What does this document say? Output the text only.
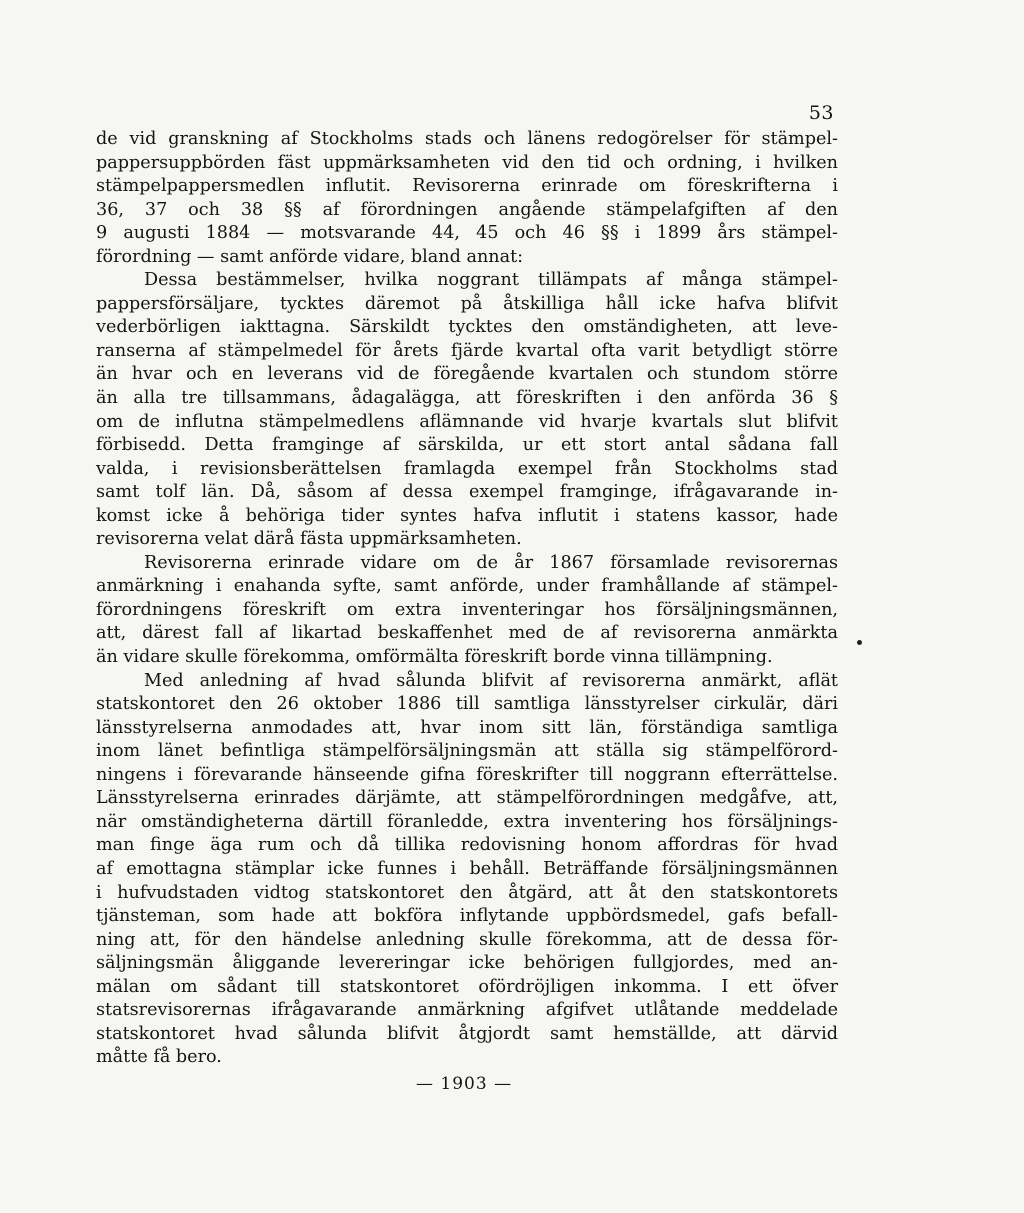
53
de vid granskning af Stockholms stads och länens redogörelser för stämpel-
pappersuppbörden fäst uppmärksamheten vid den tid och ordning, i hvilken
stämpelpappersmedlen influtit. Revisorerna erinrade om föreskrifterna i
36, 37 och 38 §§ af förordningen angående stämpelafgiften af den
9 augusti 1884 — motsvarande 44, 45 och 46 §§ i 1899 års stämpel-
förordning — samt anförde vidare, bland annat:
Dessa bestämmelser, hvilka noggrant tillämpats af många stämpel-
pappersförsäljare, tycktes däremot på åtskilliga håll icke hafva blifvit
vederbörligen iakttagna. Särskildt tycktes den omständigheten, att leve-
ranserna af stämpelmedel för årets fjärde kvartal ofta varit betydligt större
än hvar och en leverans vid de föregående kvartalen och stundom större
än alla tre tillsammans, ådagalägga, att föreskriften i den anförda 36 §
om de influtna stämpelmedlens aflämnande vid hvarje kvartals slut blifvit
förbisedd. Detta framginge af särskilda, ur ett stort antal sådana fall
valda, i revisionsberättelsen framlagda exempel från Stockholms stad
samt tolf län. Då, såsom af dessa exempel framginge, ifrågavarande in-
komst icke å behöriga tider syntes hafva influtit i statens kassor, hade
revisorerna velat därå fästa uppmärksamheten.
Revisorerna erinrade vidare om de år 1867 församlade revisorernas
anmärkning i enahanda syfte, samt anförde, under framhållande af stämpel-
förordningens föreskrift om extra inventeringar hos försäljningsmännen,
att, därest fall af likartad beskaffenhet med de af revisorerna anmärkta
än vidare skulle förekomma, omförmälta föreskrift borde vinna tillämpning.
Med anledning af hvad sålunda blifvit af revisorerna anmärkt, aflät
statskontoret den 26 oktober 1886 till samtliga länsstyrelser cirkulär, däri
länsstyrelserna anmodades att, hvar inom sitt län, förständiga samtliga
inom länet befintliga stämpelförsäljningsmän att ställa sig stämpelförord-
ningens i förevarande hänseende gifna föreskrifter till noggrann efterrättelse.
Länsstyrelserna erinrades därjämte, att stämpelförordningen medgåfve, att,
när omständigheterna därtill föranledde, extra inventering hos försäljnings-
man finge äga rum och då tillika redovisning honom affordras för hvad
af emottagna stämplar icke funnes i behåll. Beträffande försäljningsmännen
i hufvudstaden vidtog statskontoret den åtgärd, att åt den statskontorets
tjänsteman, som hade att bokföra inflytande uppbördsmedel, gafs befall-
ning att, för den händelse anledning skulle förekomma, att de dessa för-
säljningsmän åliggande levereringar icke behörigen fullgjordes, med an-
mälan om sådant till statskontoret ofördröjligen inkomma. I ett öfver
statsrevisorernas ifrågavarande anmärkning afgifvet utlåtande meddelade
statskontoret hvad sålunda blifvit åtgjordt samt hemställde, att därvid
måtte få bero.
— 1903 —
